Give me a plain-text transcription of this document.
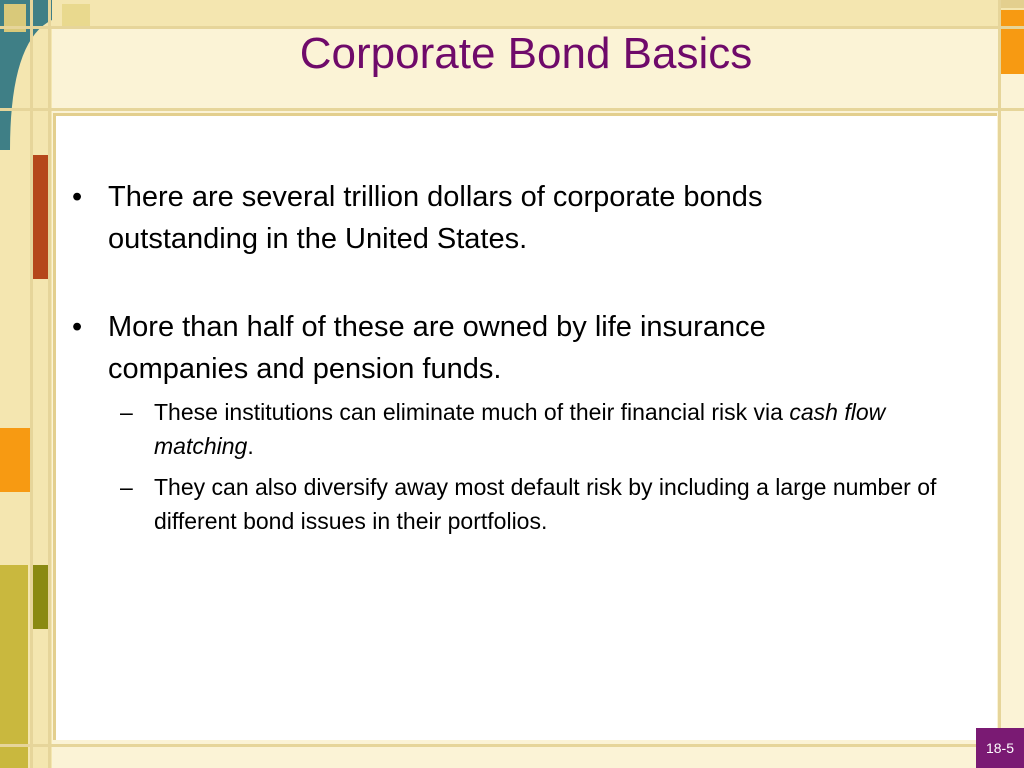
Corporate Bond Basics
• There are several trillion dollars of corporate bonds outstanding in the United States.
• More than half of these are owned by life insurance companies and pension funds.
– These institutions can eliminate much of their financial risk via cash flow matching.
– They can also diversify away most default risk by including a large number of different bond issues in their portfolios.
18-5
